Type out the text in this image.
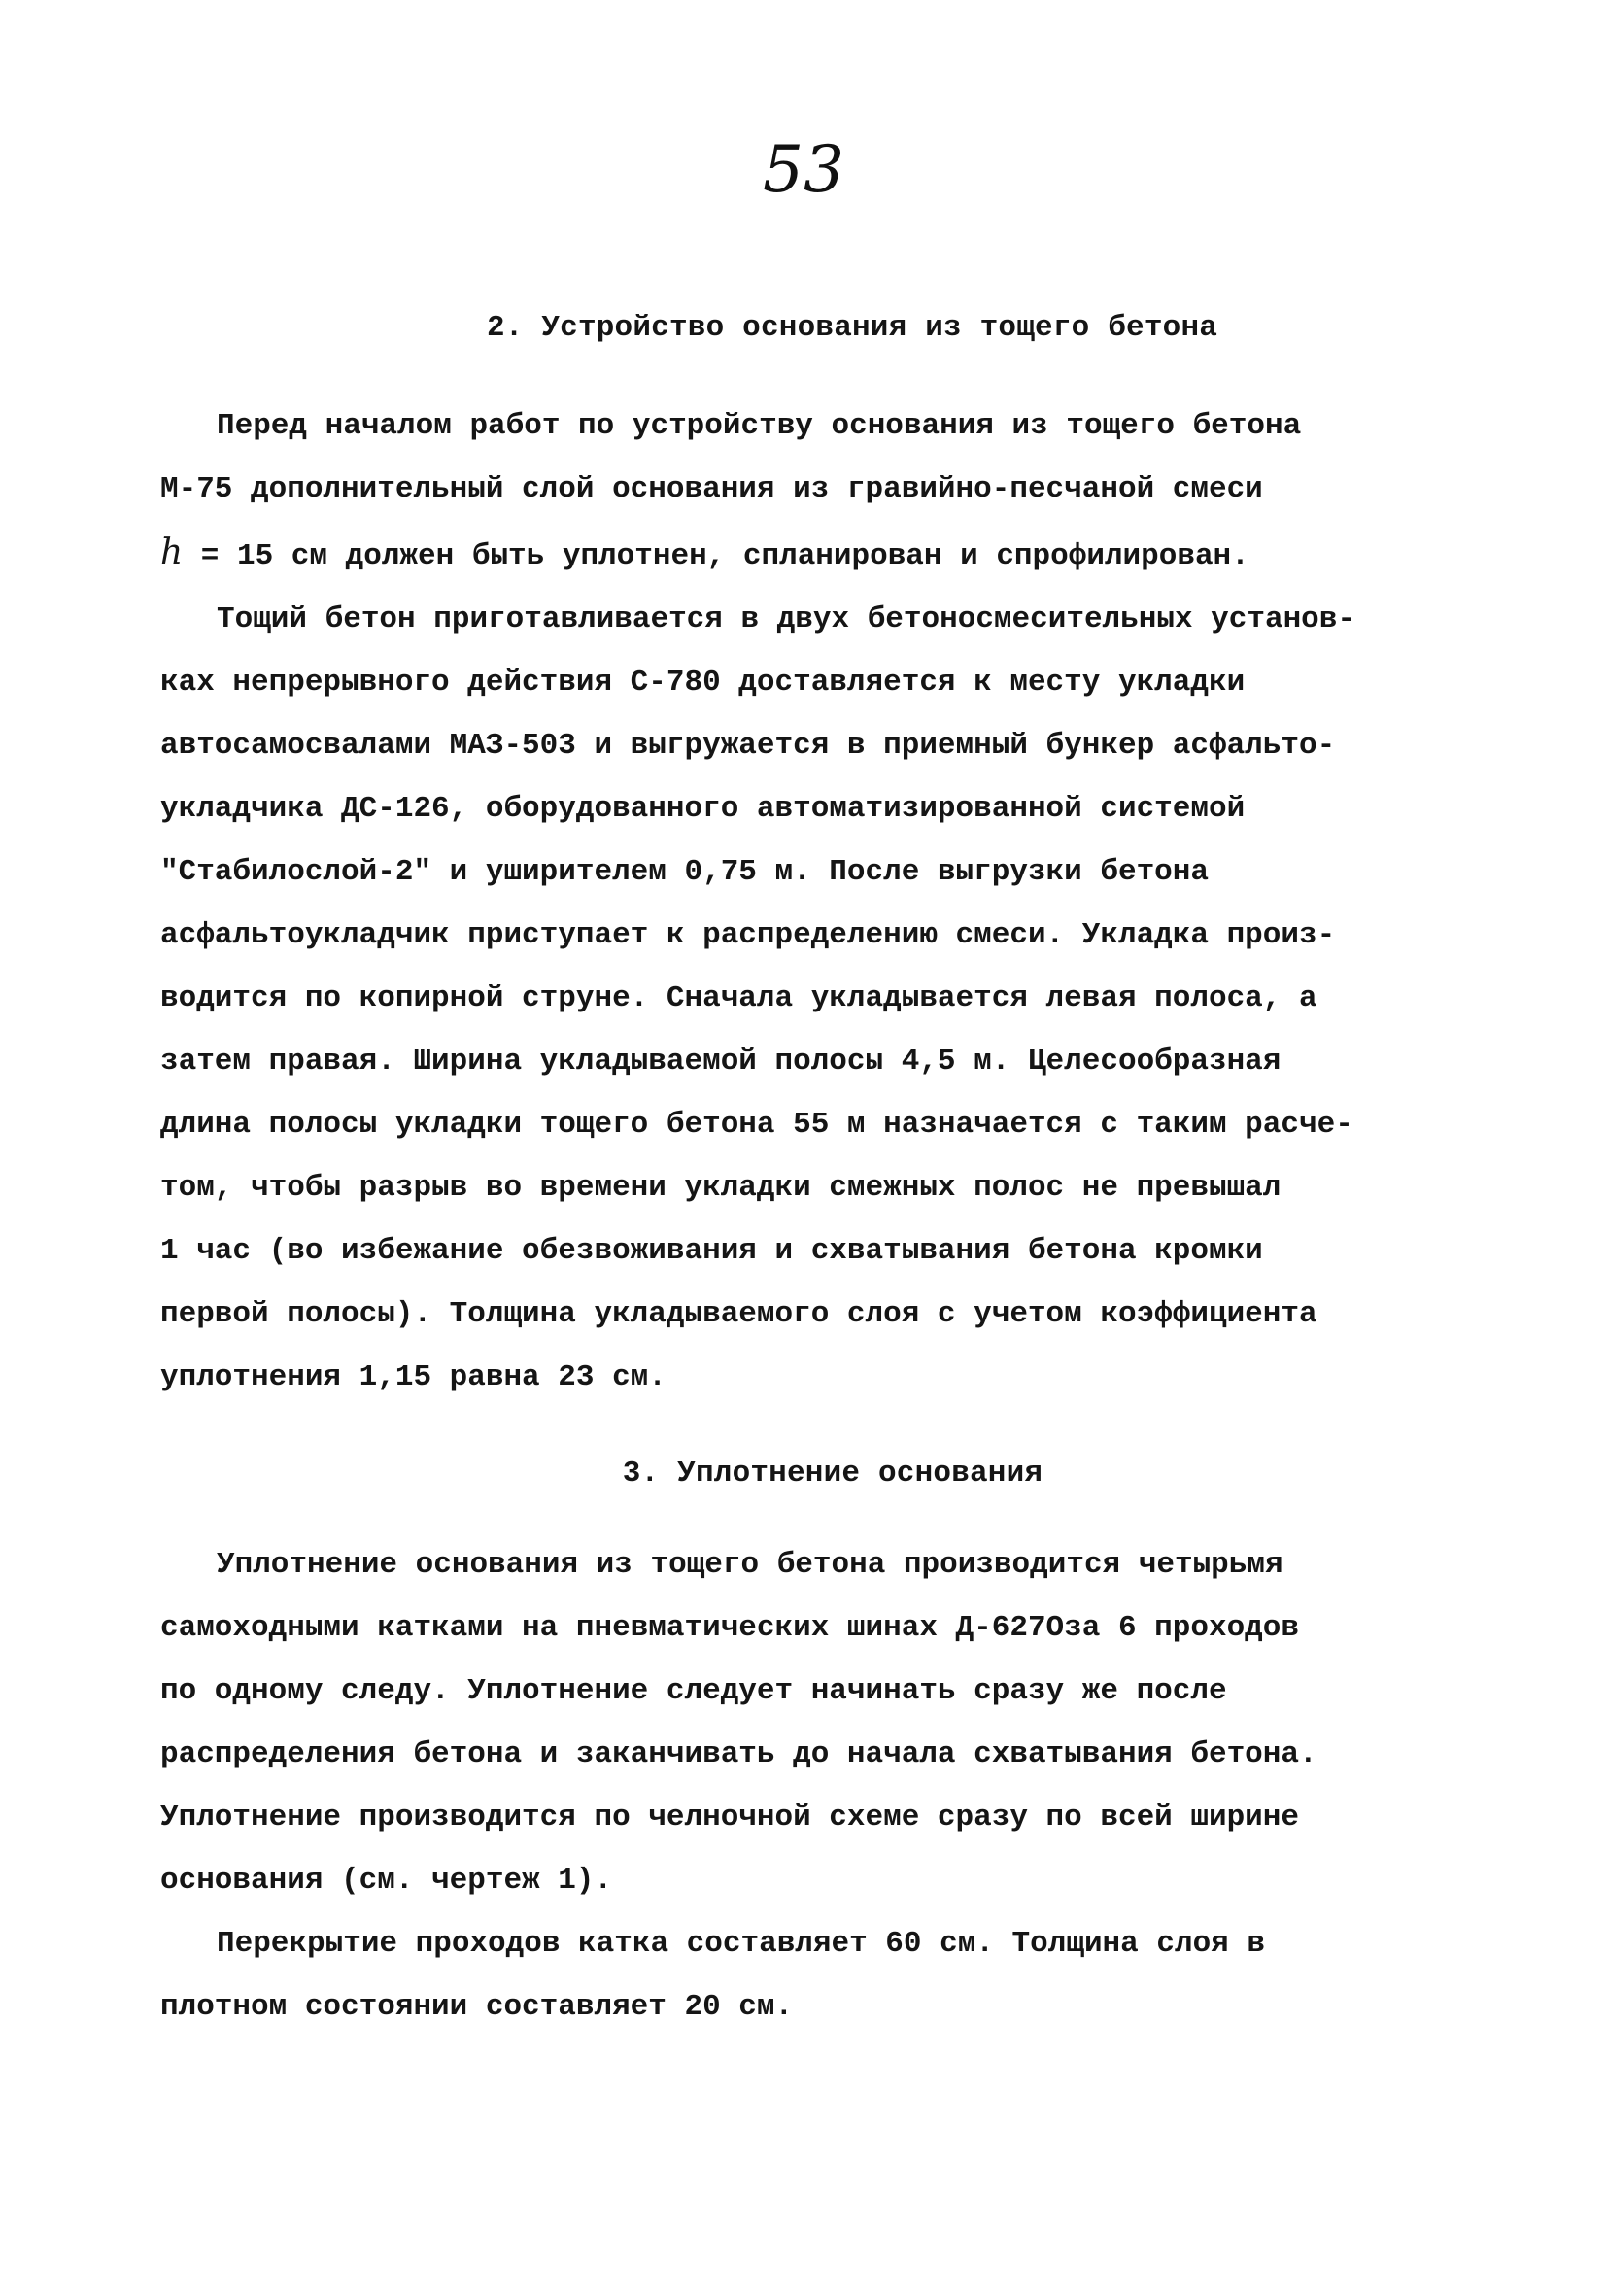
53
2. Устройство основания из тощего бетона
Перед началом работ по устройству основания из тощего бетона
М-75 дополнительный слой основания из гравийно-песчаной смеси
h = 15 см должен быть уплотнен, спланирован и спрофилирован.
Тощий бетон приготавливается в двух бетоносмесительных установ-
ках непрерывного действия С-780 доставляется к месту укладки
автосамосвалами МАЗ-503 и выгружается в приемный бункер асфальто-
укладчика ДС-126, оборудованного автоматизированной системой
"Стабилослой-2" и уширителем 0,75 м. После выгрузки бетона
асфальтоукладчик приступает к распределению смеси. Укладка произ-
водится по копирной струне. Сначала укладывается левая полоса, а
затем правая. Ширина укладываемой полосы 4,5 м. Целесообразная
длина полосы укладки тощего бетона 55 м назначается с таким расче-
том, чтобы разрыв во времени укладки смежных полос не превышал
1 час (во избежание обезвоживания и схватывания бетона кромки
первой полосы). Толщина укладываемого слоя с учетом коэффициента
уплотнения 1,15 равна 23 см.
3. Уплотнение основания
Уплотнение основания из тощего бетона производится четырьмя
самоходными катками на пневматических шинах Д-627Оза 6 проходов
по одному следу. Уплотнение следует начинать сразу же после
распределения бетона и заканчивать до начала схватывания бетона.
Уплотнение производится по челночной схеме сразу по всей ширине
основания (см. чертеж 1).
Перекрытие проходов катка составляет 60 см. Толщина слоя в
плотном состоянии составляет 20 см.
